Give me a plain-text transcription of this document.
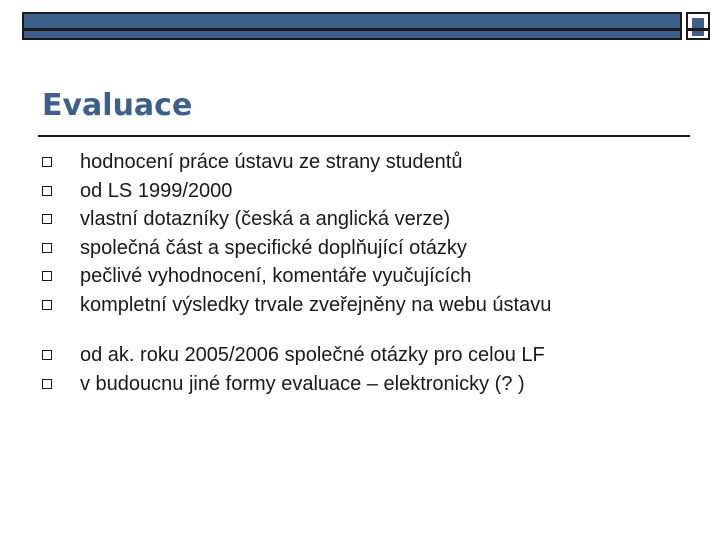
Evaluace
hodnocení práce ústavu ze strany studentů
od LS 1999/2000
vlastní dotazníky (česká a anglická verze)
společná část a specifické doplňující otázky
pečlivé vyhodnocení, komentáře vyučujících
kompletní výsledky trvale zveřejněny na webu ústavu
od ak. roku 2005/2006 společné otázky pro celou LF
v budoucnu jiné formy evaluace – elektronicky (? )
